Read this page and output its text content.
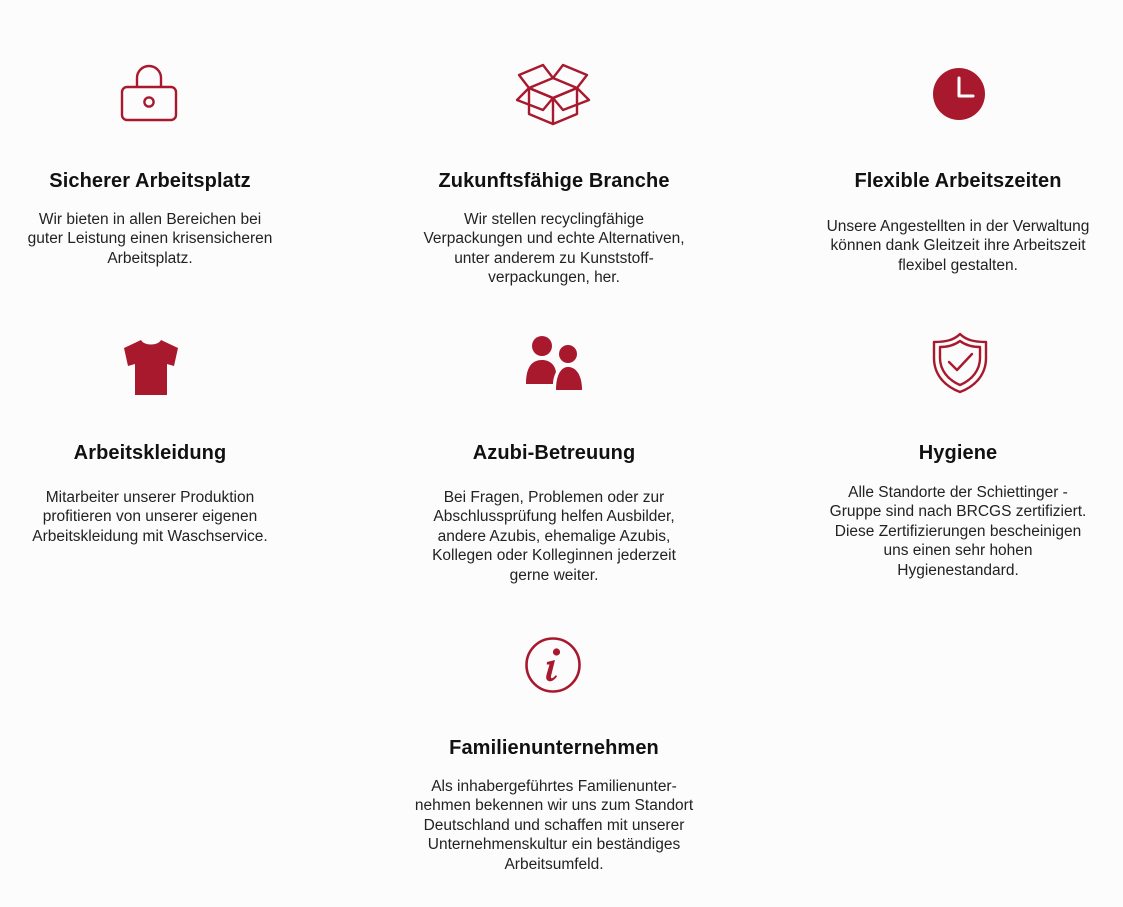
Sicherer Arbeitsplatz
Wir bieten in allen Bereichen bei
guter Leistung einen krisensicheren
Arbeitsplatz.
Zukunftsfähige Branche
Wir stellen recyclingfähige
Verpackungen und echte Alternativen,
unter anderem zu Kunststoff-
verpackungen, her.
Flexible Arbeitszeiten
Unsere Angestellten in der Verwaltung
können dank Gleitzeit ihre Arbeitszeit
flexibel gestalten.
Arbeitskleidung
Mitarbeiter unserer Produktion
profitieren von unserer eigenen
Arbeitskleidung mit Waschservice.
Azubi-Betreuung
Bei Fragen, Problemen oder zur
Abschlussprüfung helfen Ausbilder,
andere Azubis, ehemalige Azubis,
Kollegen oder Kolleginnen jederzeit
gerne weiter.
Hygiene
Alle Standorte der Schiettinger -
Gruppe sind nach BRCGS zertifiziert.
Diese Zertifizierungen bescheinigen
uns einen sehr hohen
Hygienestandard.
Familienunternehmen
Als inhabergeführtes Familienunter-
nehmen bekennen wir uns zum Standort
Deutschland und schaffen mit unserer
Unternehmenskultur ein beständiges
Arbeitsumfeld.
